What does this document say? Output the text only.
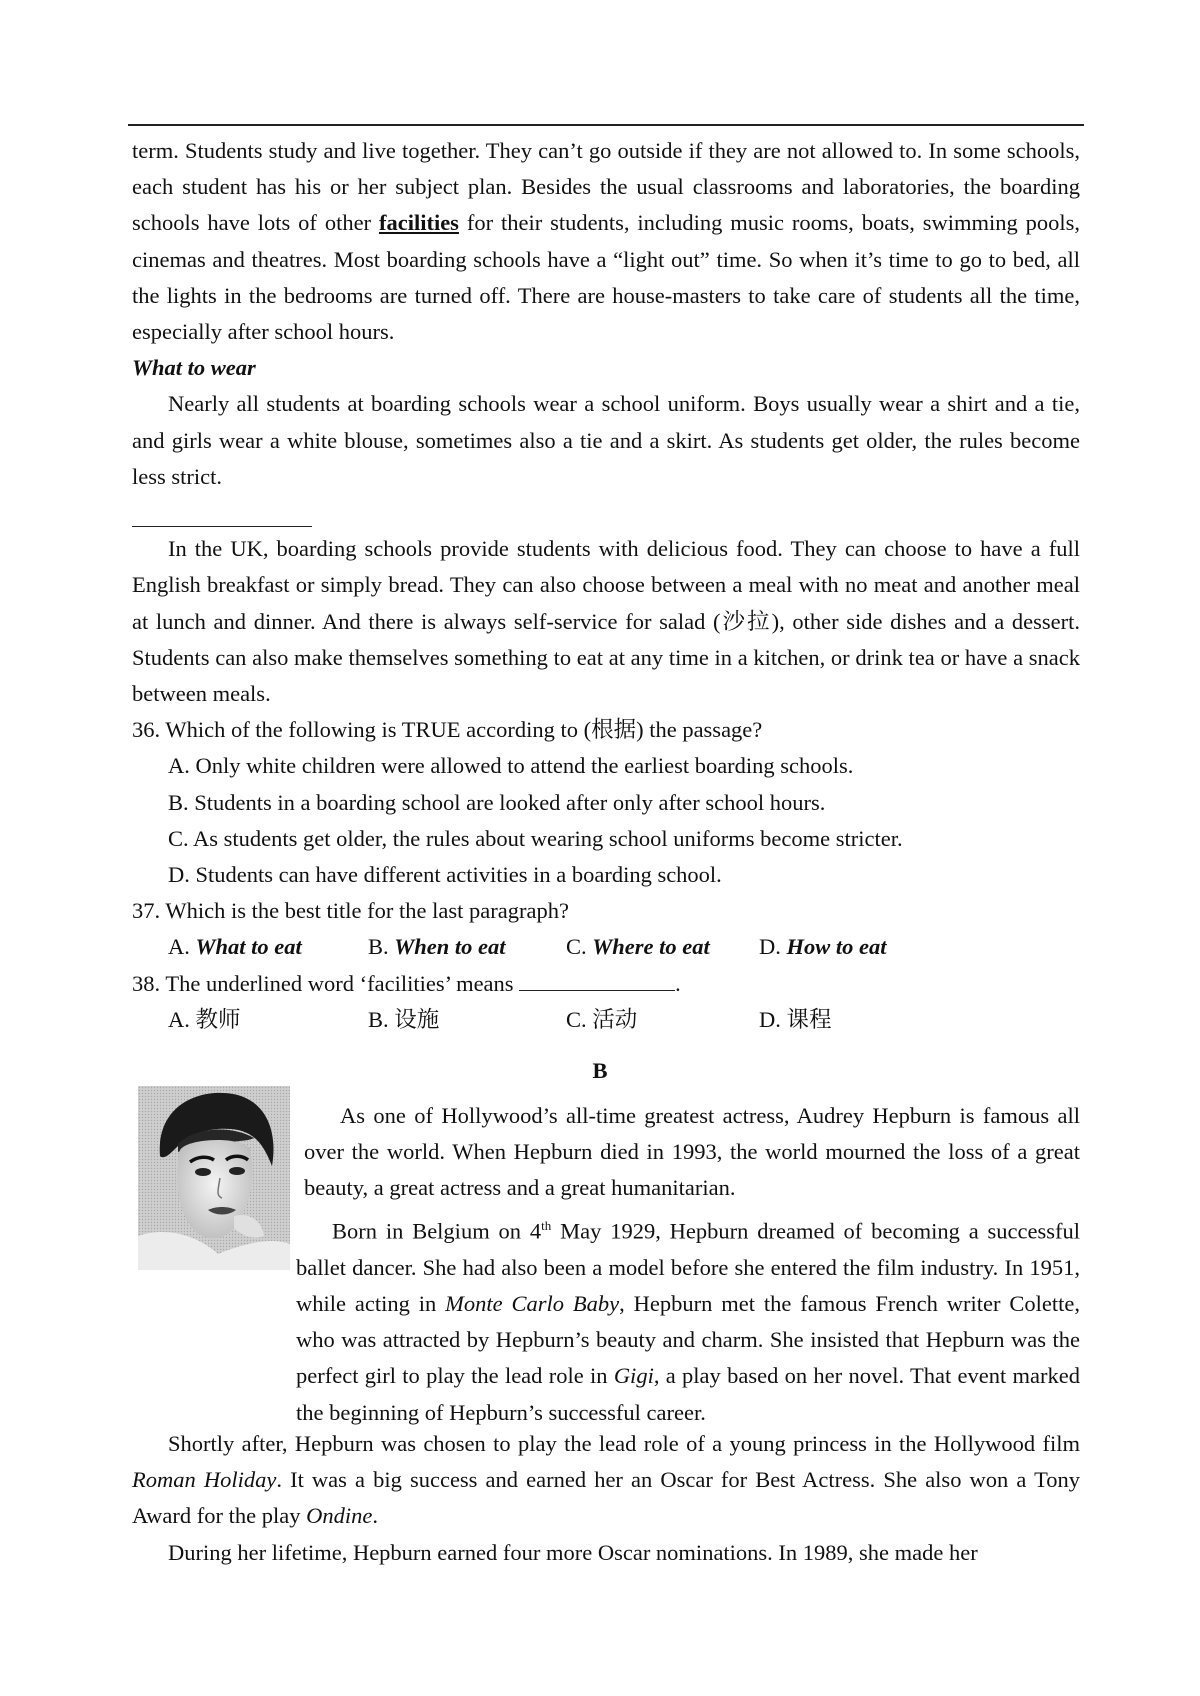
term. Students study and live together. They can’t go outside if they are not allowed to. In some schools, each student has his or her subject plan. Besides the usual classrooms and laboratories, the boarding schools have lots of other facilities for their students, including music rooms, boats, swimming pools, cinemas and theatres. Most boarding schools have a “light out” time. So when it’s time to go to bed, all the lights in the bedrooms are turned off. There are house-masters to take care of students all the time, especially after school hours.

What to wear

Nearly all students at boarding schools wear a school uniform. Boys usually wear a shirt and a tie, and girls wear a white blouse, sometimes also a tie and a skirt. As students get older, the rules become less strict.

In the UK, boarding schools provide students with delicious food. They can choose to have a full English breakfast or simply bread. They can also choose between a meal with no meat and another meal at lunch and dinner. And there is always self-service for salad (沙拉), other side dishes and a dessert. Students can also make themselves something to eat at any time in a kitchen, or drink tea or have a snack between meals.

36. Which of the following is TRUE according to (根据) the passage?

A. Only white children were allowed to attend the earliest boarding schools.

B. Students in a boarding school are looked after only after school hours.

C. As students get older, the rules about wearing school uniforms become stricter.

D. Students can have different activities in a boarding school.

37. Which is the best title for the last paragraph?

A. What to eat	B. When to eat	C. Where to eat	D. How to eat

38. The underlined word ‘facilities’ means	.

A. 教师	B. 设施	C. 活动	D. 课程
B

As one of Hollywood’s all-time greatest actress, Audrey Hepburn is famous all over the world. When Hepburn died in 1993, the world mourned the loss of a great beauty, a great actress and a great humanitarian.

Born in Belgium on 4th May 1929, Hepburn dreamed of becoming a successful ballet dancer. She had also been a model before she entered the film industry. In 1951, while acting in Monte Carlo Baby, Hepburn met the famous French writer Colette, who was attracted by Hepburn’s beauty and charm. She insisted that Hepburn was the perfect girl to play the lead role in Gigi, a play based on her novel. That event marked the beginning of Hepburn’s successful career.

Shortly after, Hepburn was chosen to play the lead role of a young princess in the Hollywood film Roman Holiday. It was a big success and earned her an Oscar for Best Actress. She also won a Tony Award for the play Ondine.

During her lifetime, Hepburn earned four more Oscar nominations. In 1989, she made her
